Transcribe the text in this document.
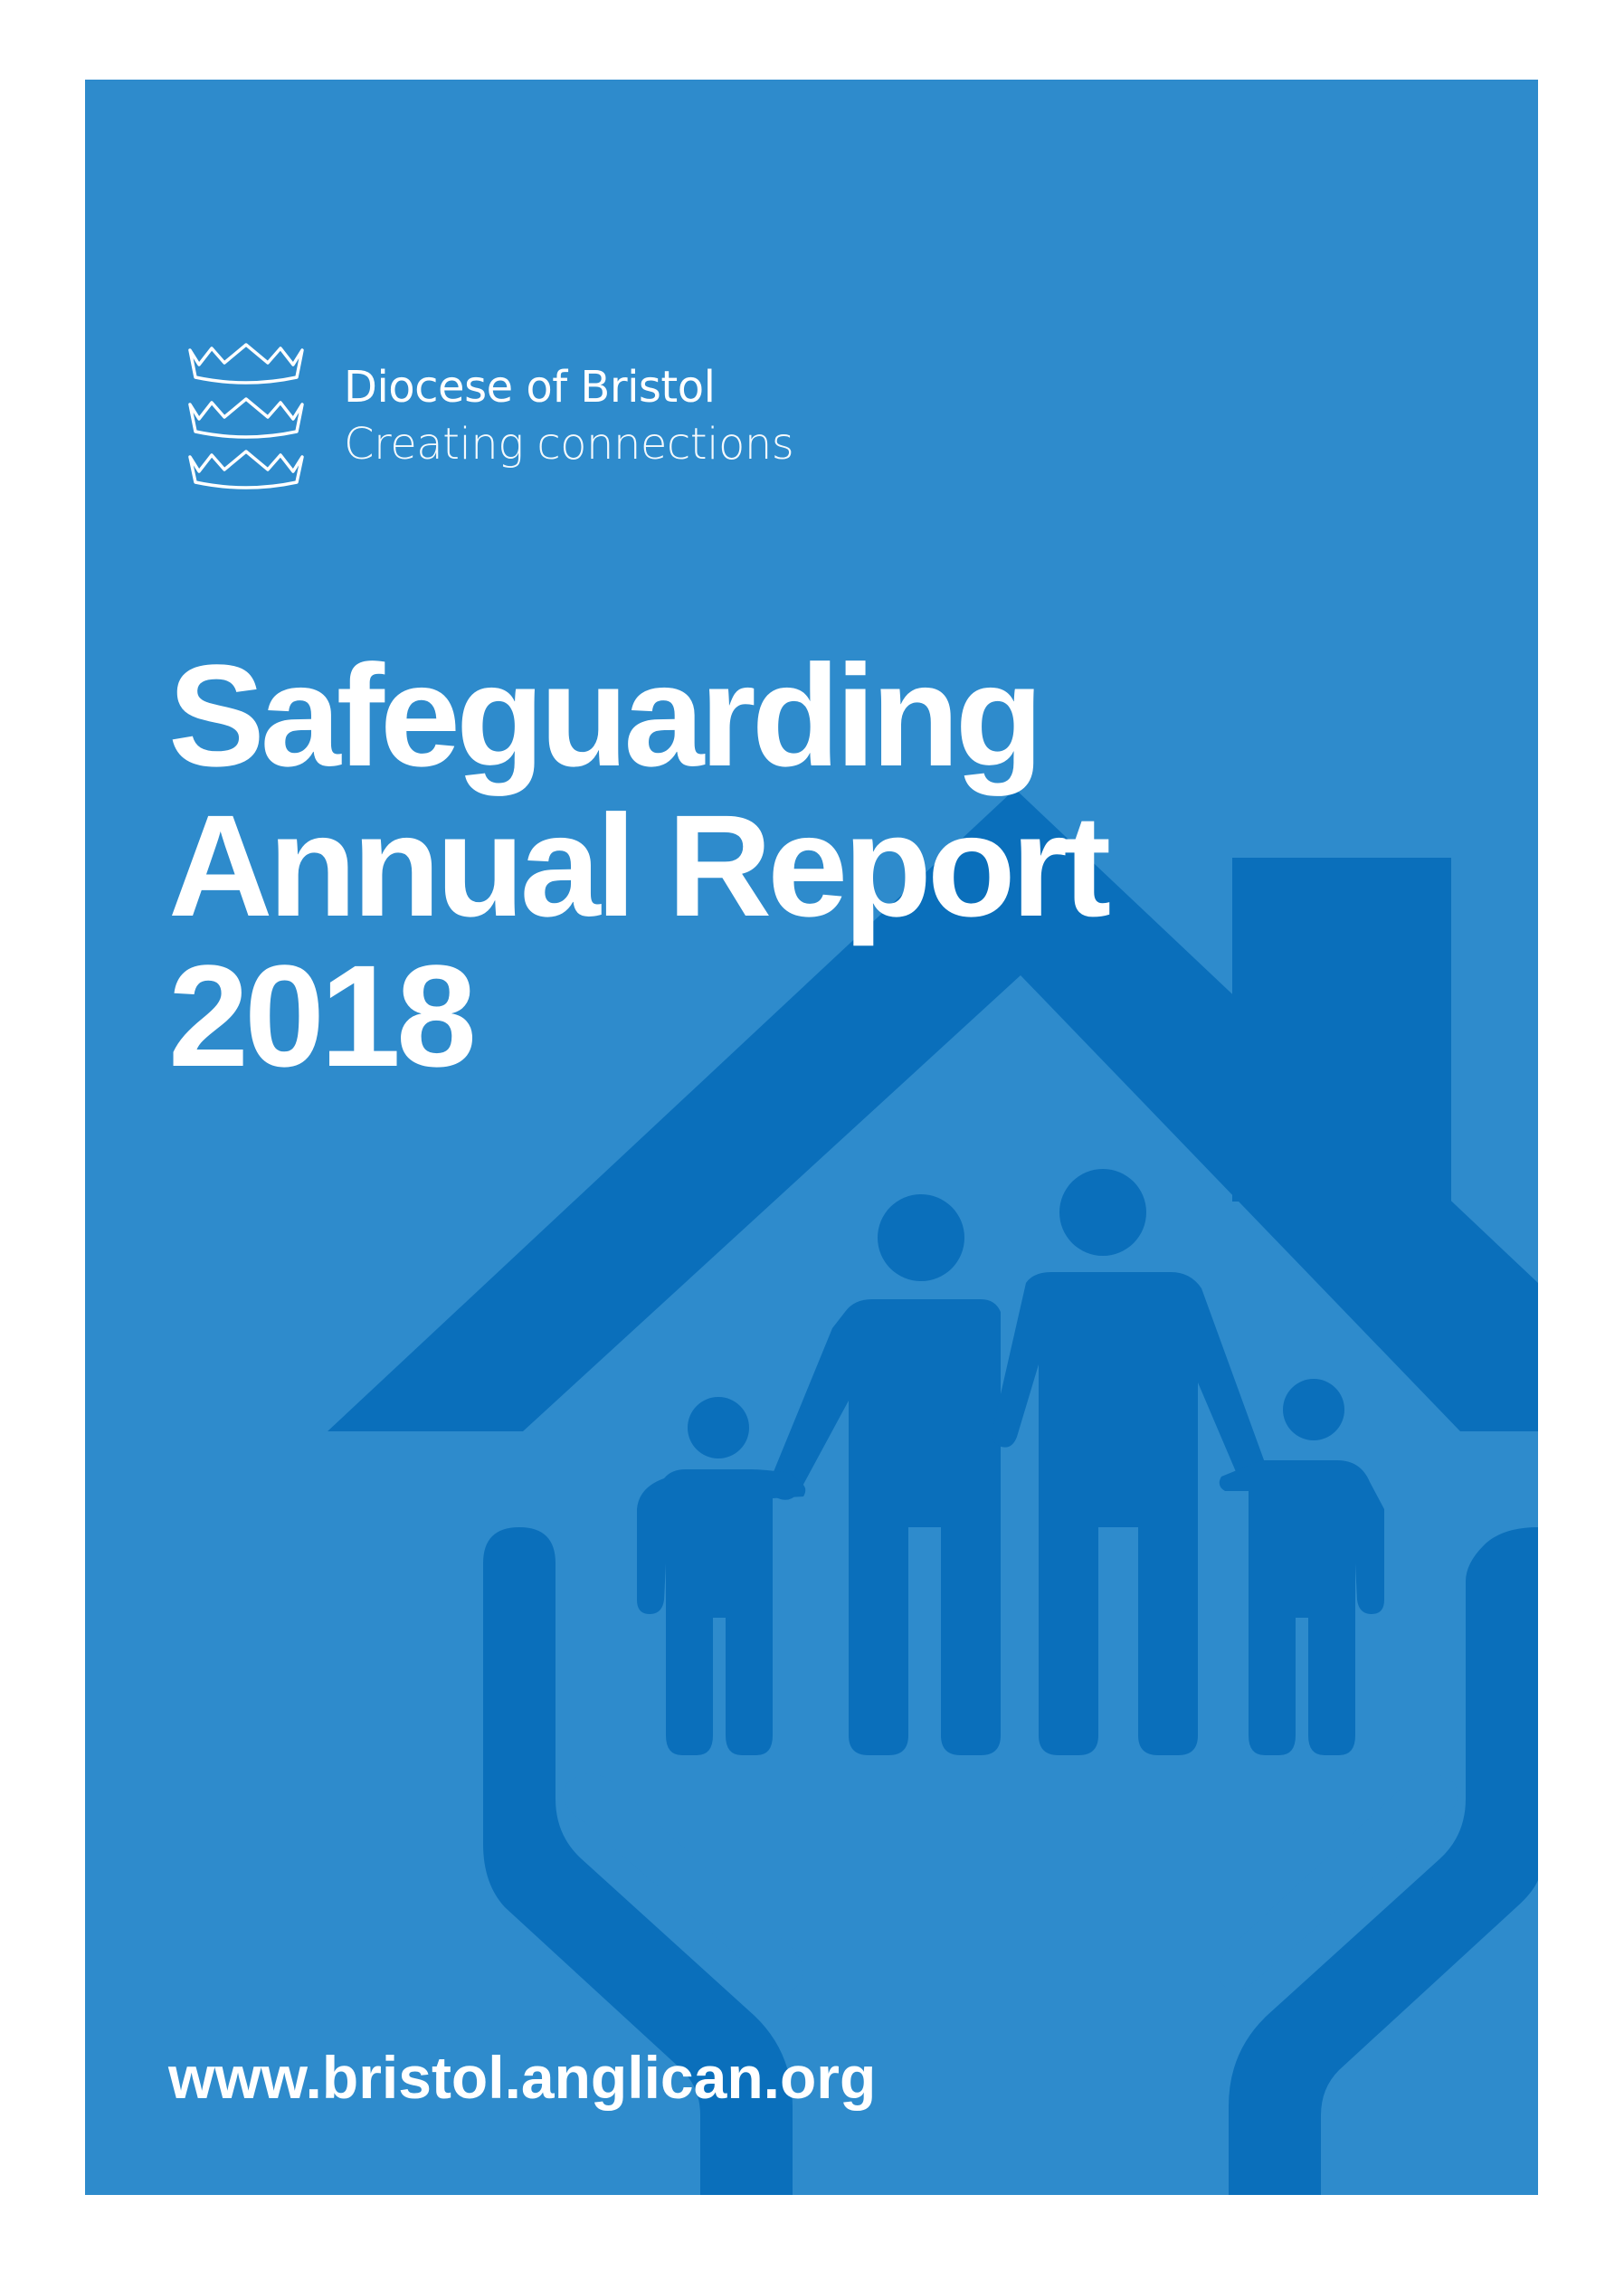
Diocese of Bristol
Creating connections
Safeguarding
Annual Report
2018
www.bristol.anglican.org
